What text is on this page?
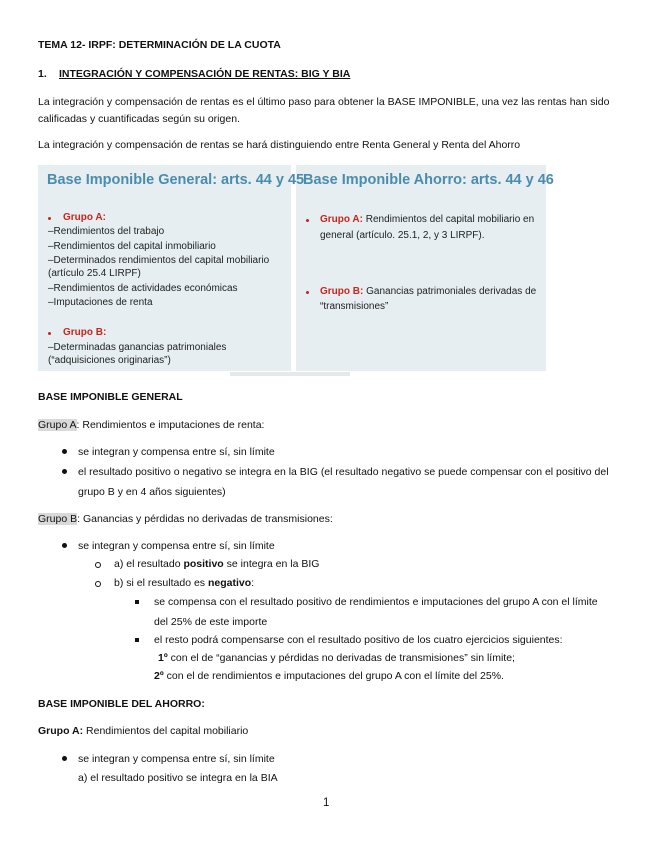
TEMA 12- IRPF: DETERMINACIÓN DE LA CUOTA
1. INTEGRACIÓN Y COMPENSACIÓN DE RENTAS: BIG Y BIA
La integración y compensación de rentas es el último paso para obtener la BASE IMPONIBLE, una vez las rentas han sido
calificadas y cuantificadas según su origen.
La integración y compensación de rentas se hará distinguiendo entre Renta General y Renta del Ahorro
Base Imponible General: arts. 44 y 45
Base Imponible Ahorro: arts. 44 y 46
Grupo A:
–Rendimientos del trabajo
–Rendimientos del capital inmobiliario
–Determinados rendimientos del capital mobiliario
(artículo 25.4 LIRPF)
–Rendimientos de actividades económicas
–Imputaciones de renta
Grupo B:
–Determinadas ganancias patrimoniales
(“adquisiciones originarias”)
Grupo A: Rendimientos del capital mobiliario en
general (artículo. 25.1, 2, y 3 LIRPF).
Grupo B: Ganancias patrimoniales derivadas de
“transmisiones”
BASE IMPONIBLE GENERAL
Grupo A: Rendimientos e imputaciones de renta:
se integran y compensa entre sí, sin límite
el resultado positivo o negativo se integra en la BIG (el resultado negativo se puede compensar con el positivo del
grupo B y en 4 años siguientes)
Grupo B: Ganancias y pérdidas no derivadas de transmisiones:
se integran y compensa entre sí, sin límite
a) el resultado positivo se integra en la BIG
b) si el resultado es negativo:
se compensa con el resultado positivo de rendimientos e imputaciones del grupo A con el límite
del 25% de este importe
el resto podrá compensarse con el resultado positivo de los cuatro ejercicios siguientes:
1º con el de “ganancias y pérdidas no derivadas de transmisiones” sin límite;
2º con el de rendimientos e imputaciones del grupo A con el límite del 25%.
BASE IMPONIBLE DEL AHORRO:
Grupo A: Rendimientos del capital mobiliario
se integran y compensa entre sí, sin límite
a) el resultado positivo se integra en la BIA
1
